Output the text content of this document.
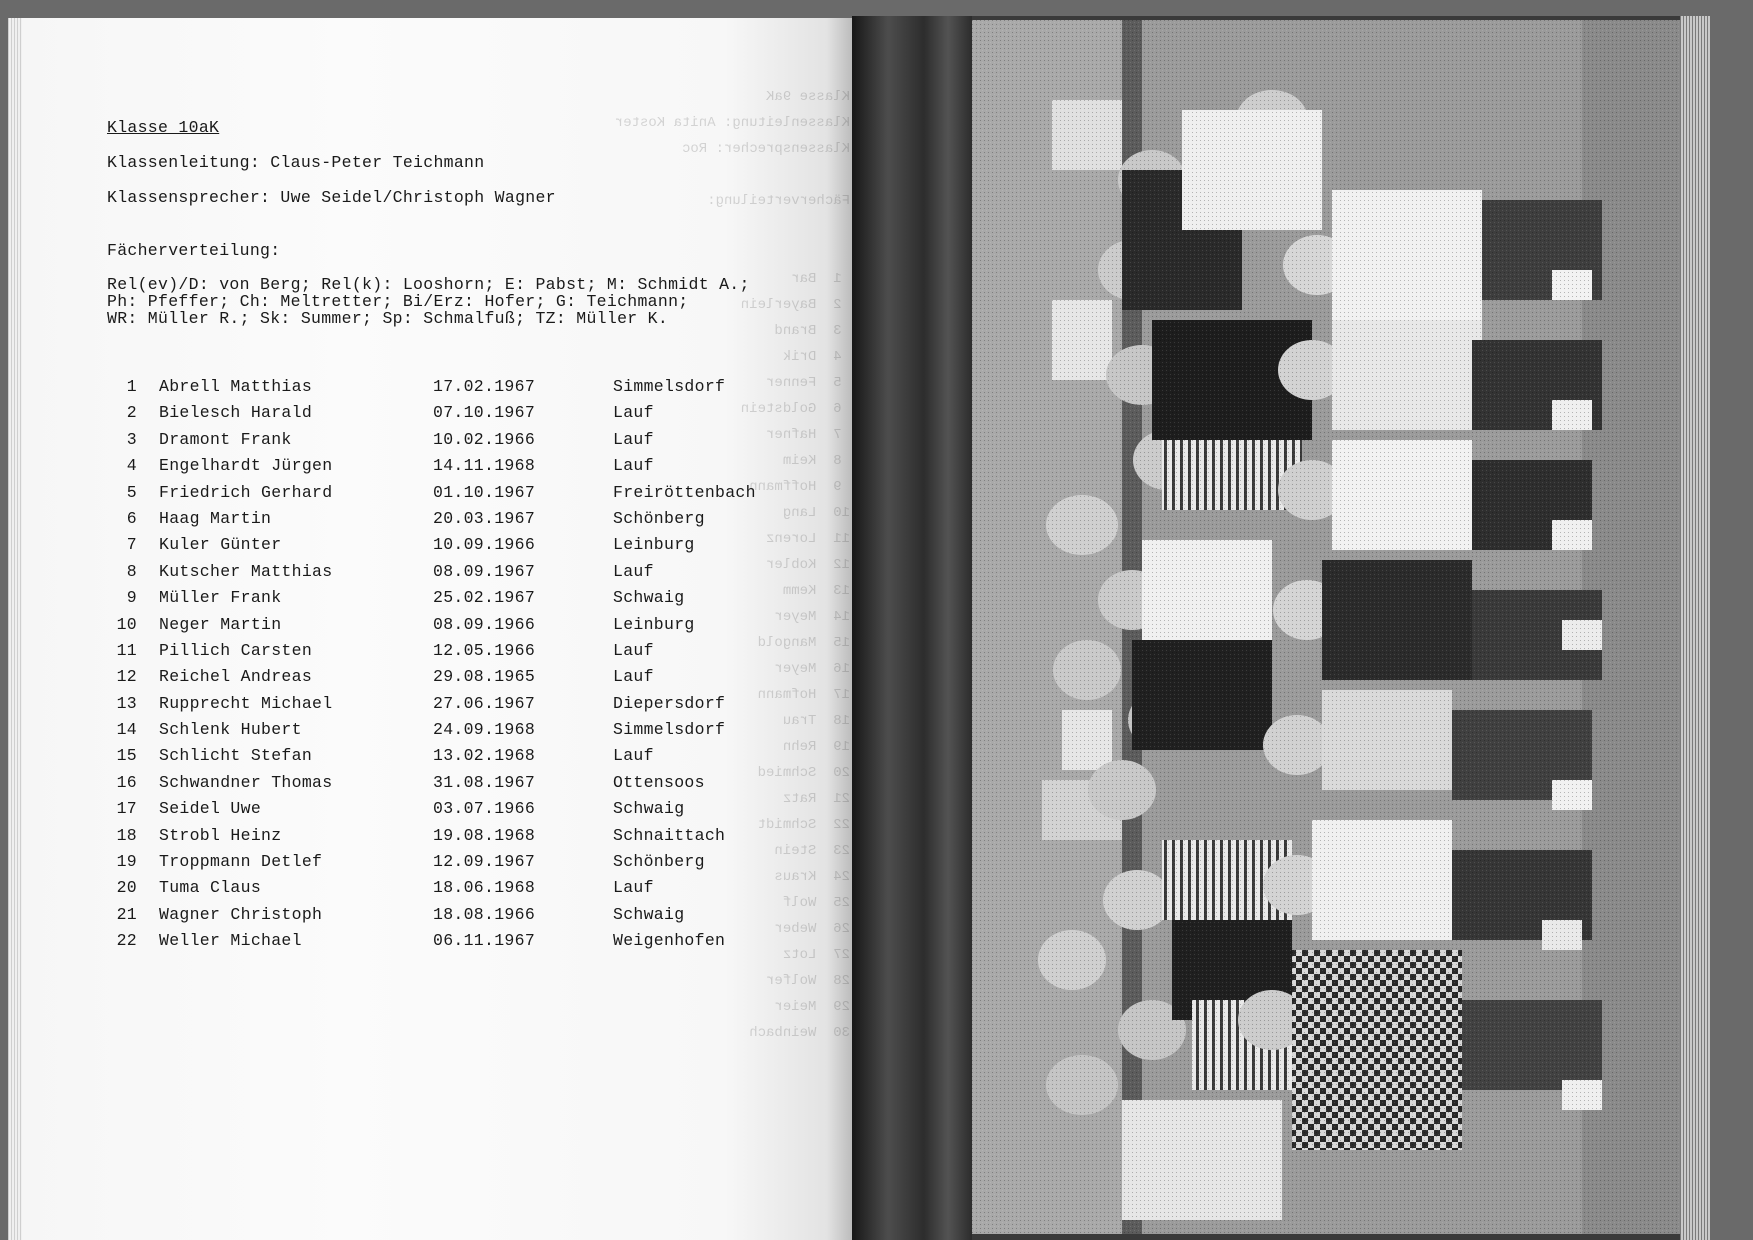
Klasse 9aK
Klassenleitung: Anita Koster
Klassensprecher: Roc

Fächerverteilung:

1  Bar
2  Bayerlein
3  Brand
4  Drik
5  Fenner
6  Goldstein
7  Hafner
8  Keim
9  Hoffmann
10  Lang
11  Lorenz
12  Kobler
13  Kemm
14  Meyer
15  Mangold
16  Meyer
17  Hofmann
18  Trau
19  Rehn
20  Schmied
21  Ratz
22  Schmidt
23  Stein
24  Kraus
25  Wolf
26  Weber
27  Lotz
28  Wolfer
29  Meier
30  Weinbach
Klasse 10aK
Klassenleitung: Claus-Peter Teichmann
Klassensprecher: Uwe Seidel/Christoph Wagner
Fächerverteilung:
Rel(ev)/D: von Berg; Rel(k): Looshorn; E: Pabst; M: Schmidt A.;
Ph: Pfeffer; Ch: Meltretter; Bi/Erz: Hofer; G: Teichmann;
WR: Müller R.; Sk: Summer; Sp: Schmalfuß; TZ: Müller K.
1 Abrell Matthias	17.02.1967	Simmelsdorf
2 Bielesch Harald	07.10.1967	Lauf
3 Dramont Frank	10.02.1966	Lauf
4 Engelhardt Jürgen	14.11.1968	Lauf
5 Friedrich Gerhard	01.10.1967	Freiröttenbach
6 Haag Martin	20.03.1967	Schönberg
7 Kuler Günter	10.09.1966	Leinburg
8 Kutscher Matthias	08.09.1967	Lauf
9 Müller Frank	25.02.1967	Schwaig
10 Neger Martin	08.09.1966	Leinburg
11 Pillich Carsten	12.05.1966	Lauf
12 Reichel Andreas	29.08.1965	Lauf
13 Rupprecht Michael	27.06.1967	Diepersdorf
14 Schlenk Hubert	24.09.1968	Simmelsdorf
15 Schlicht Stefan	13.02.1968	Lauf
16 Schwandner Thomas	31.08.1967	Ottensoos
17 Seidel Uwe	03.07.1966	Schwaig
18 Strobl Heinz	19.08.1968	Schnaittach
19 Troppmann Detlef	12.09.1967	Schönberg
20 Tuma Claus	18.06.1968	Lauf
21 Wagner Christoph	18.08.1966	Schwaig
22 Weller Michael	06.11.1967	Weigenhofen
